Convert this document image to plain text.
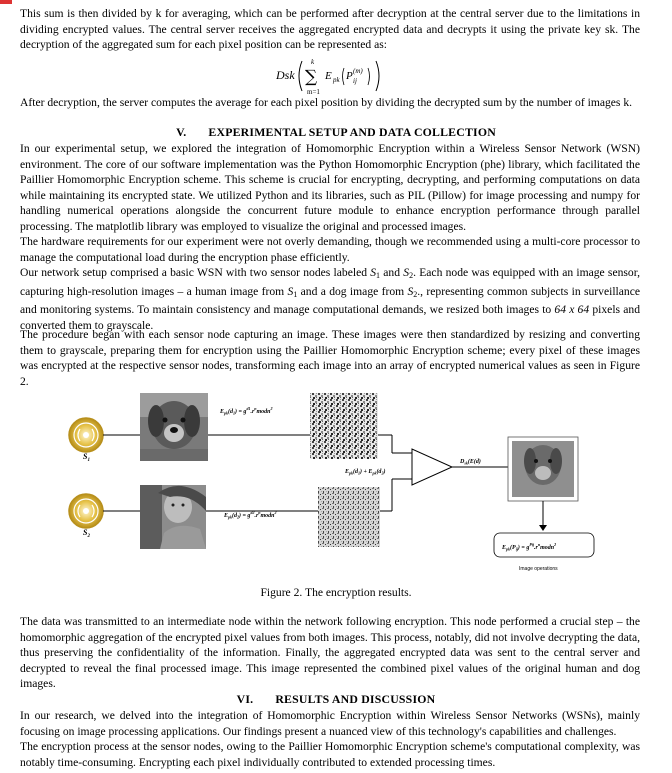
This sum is then divided by k for averaging, which can be performed after decryption at the central server due to the limitations in dividing encrypted values. The central server receives the aggregated encrypted data and decrypts it using the private key sk. The decryption of the aggregated sum for each pixel position can be represented as:

Dsk
k
∑
m=1
E pk P (m)
ij

After decryption, the server computes the average for each pixel position by dividing the decrypted sum by the number of images k.

V. EXPERIMENTAL SETUP AND DATA COLLECTION

In our experimental setup, we explored the integration of Homomorphic Encryption within a Wireless Sensor Network (WSN) environment. The core of our software implementation was the Python Homomorphic Encryption (phe) library, which facilitated the Paillier Homomorphic Encryption scheme. This scheme is crucial for encrypting, decrypting, and performing computations on data while maintaining its encrypted state. We utilized Python and its libraries, such as PIL (Pillow) for image processing and numpy for handling numerical operations alongside the concurrent future module to enhance encryption performance through parallel processing. The matplotlib library was employed to visualize the original and processed images.

The hardware requirements for our experiment were not overly demanding, though we recommended using a multi-core processor to manage the computational load during the encryption phase efficiently.

Our network setup comprised a basic WSN with two sensor nodes labeled $S_1$ and $S_2$. Each node was equipped with an image sensor, capturing high-resolution images – a human image from $S_1$ and a dog image from $S_2$., representing common subjects in surveillance and monitoring systems. To maintain consistency and manage computational demands, we resized both images to 64 x 64 pixels and converted them to grayscale.

The procedure began with each sensor node capturing an image. These images were then standardized by resizing and converting them to grayscale, preparing them for encryption using the Paillier Homomorphic Encryption scheme; every pixel of these images was encrypted at the respective sensor nodes, transforming each image into an array of encrypted numerical values as seen in Figure 2.

$S_1$
$S_2$
$E_{pk}(d_1)$ = $g^{d1}.r^nmodn^2$
$E_{pk}(d_2)$ = $g^{d2}.r^nmodn^2$
$E_{pk}(d_1) + E_{pk}(d_2)$
$D_{sk}(E(d)$
$E_{pk}(P_{ij})$ = $g^{Pij}.r^nmodn^2$
Image operations
Figure 2. The encryption results.

The data was transmitted to an intermediate node within the network following encryption. This node performed a crucial step – the homomorphic aggregation of the encrypted pixel values from both images. This process, notably, did not involve decrypting the data, thus preserving the confidentiality of the information. Finally, the aggregated encrypted data was sent to the central server and decrypted to reveal the final processed image. This image represented the combined pixel values of the original human and dog images.

VI. RESULTS AND DISCUSSION

In our research, we delved into the integration of Homomorphic Encryption within Wireless Sensor Networks (WSNs), mainly focusing on image processing applications. Our findings present a nuanced view of this technology's capabilities and challenges.

The encryption process at the sensor nodes, owing to the Paillier Homomorphic Encryption scheme's computational complexity, was notably time-consuming. Encrypting each pixel individually contributed to extended processing times.
